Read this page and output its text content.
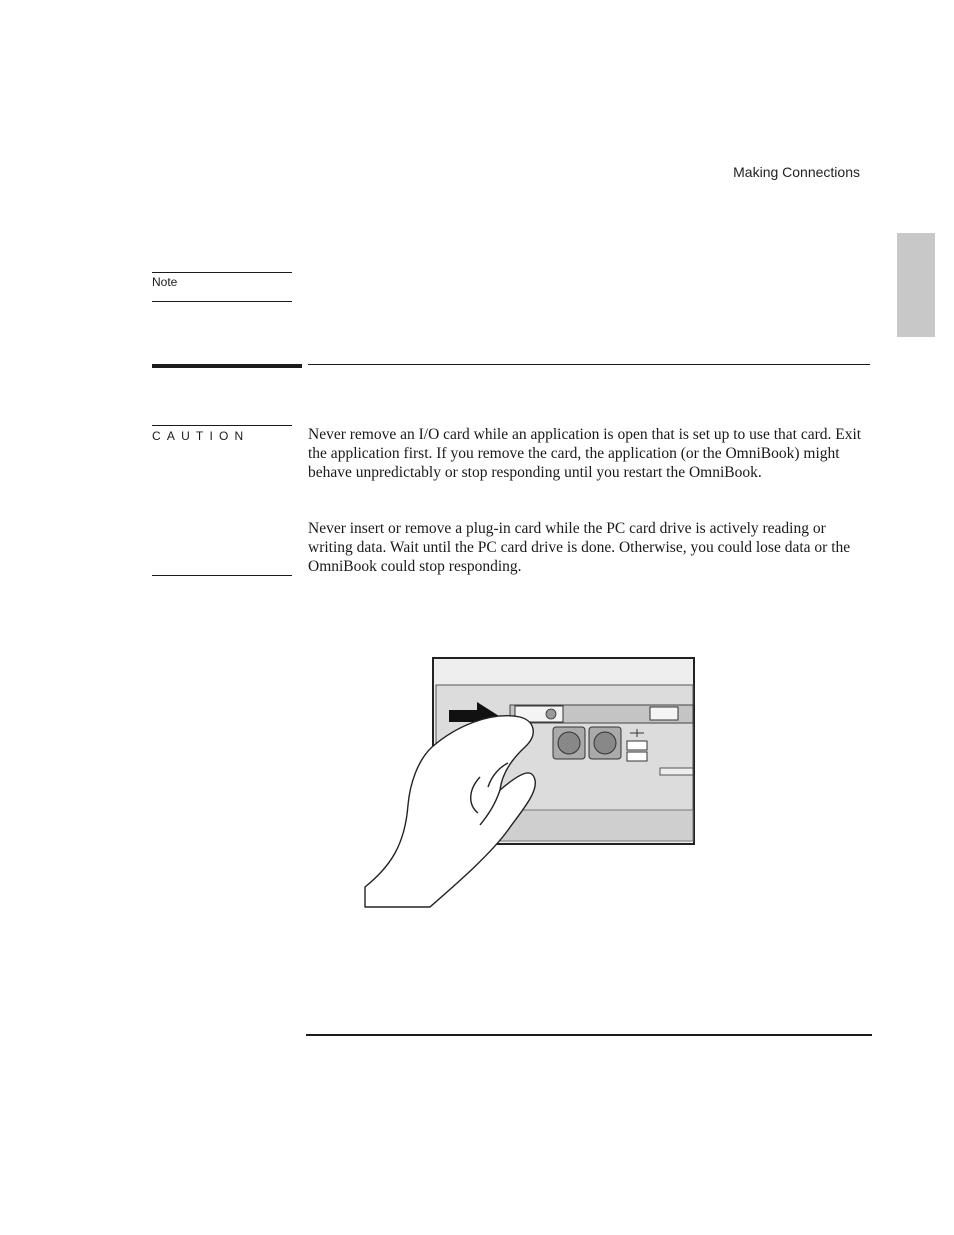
Making Connections
Note
CAUTION	Never remove an I/O card while an application is open that is set up to use that card. Exit the application first. If you remove the card, the application (or the OmniBook) might behave unpredictably or stop responding until you restart the OmniBook.
Never insert or remove a plug-in card while the PC card drive is actively reading or writing data. Wait until the PC card drive is done. Otherwise, you could lose data or the OmniBook could stop responding.
